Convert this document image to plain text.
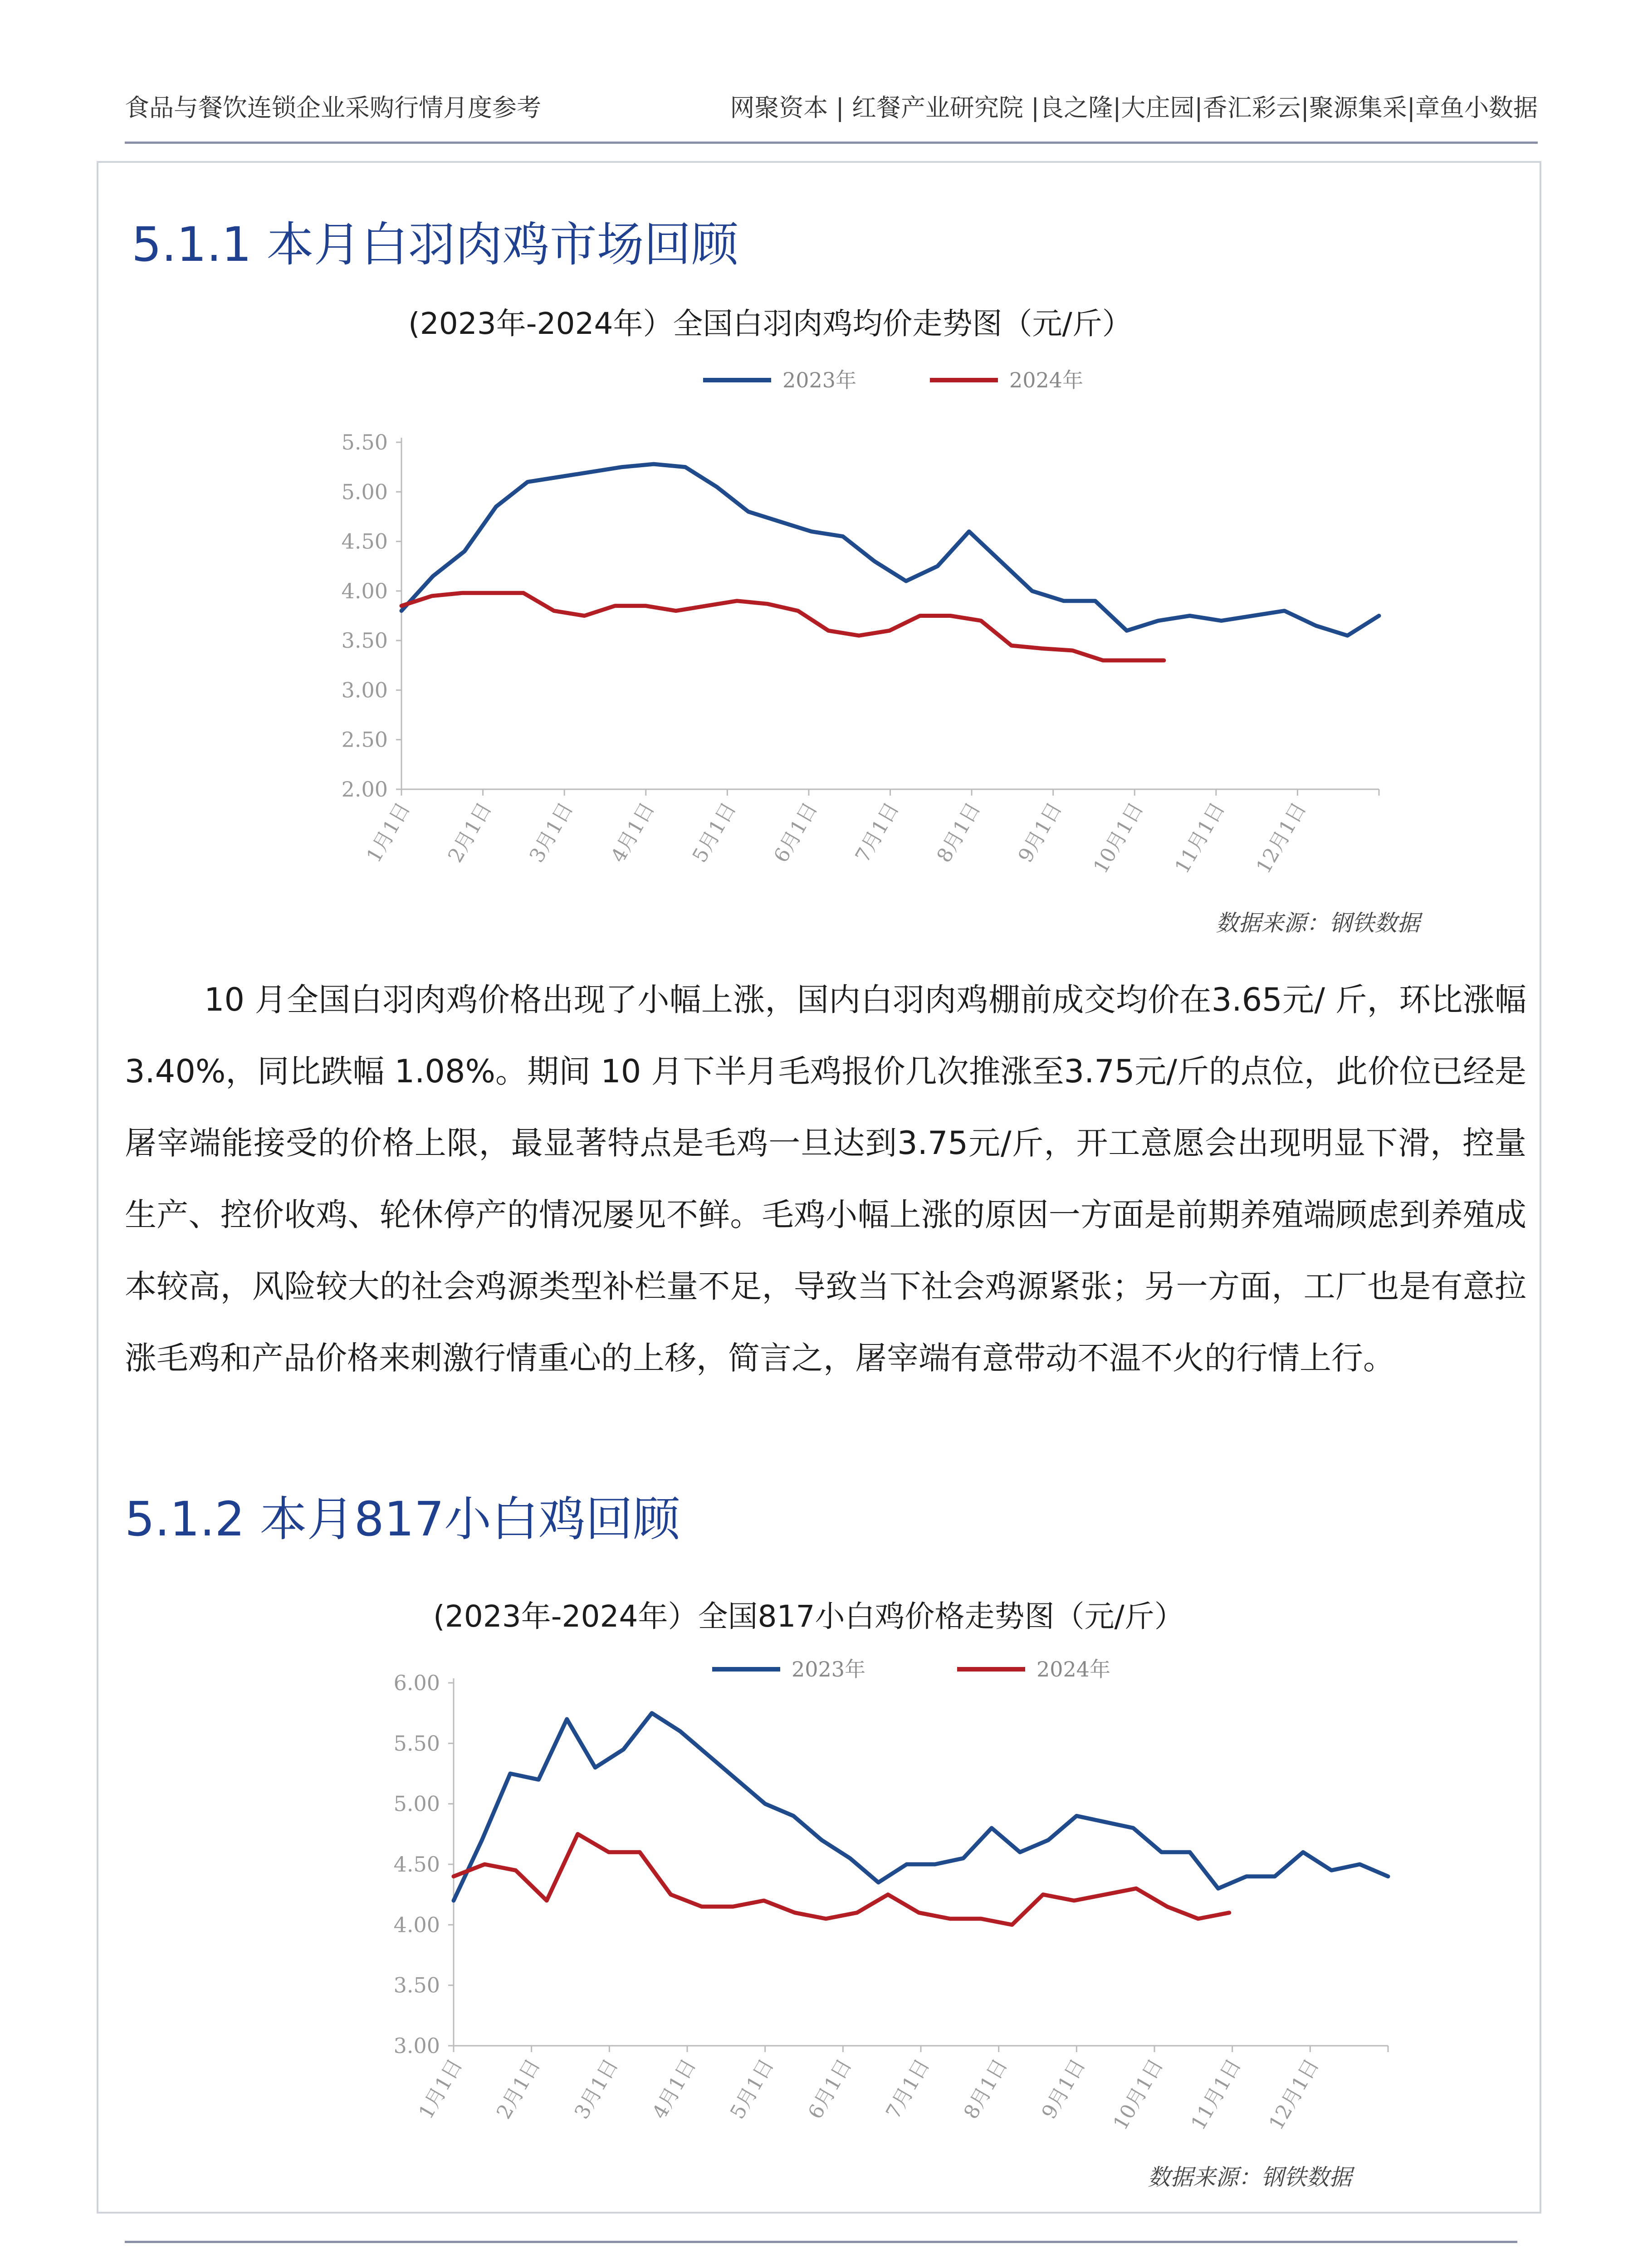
食品与餐饮连锁企业采购行情月度参考	网聚资本 | 红餐产业研究院 |良之隆|大庄园|香汇彩云|聚源集采|章鱼小数据
5.1.1 本月白羽肉鸡市场回顾
(2023年-2024年）全国白羽肉鸡均价走势图（元/斤）
2023年	2024年
2.00
2.50
3.00
3.50
4.00
4.50
5.00
5.50
1月1日 2月1日 3月1日 4月1日 5月1日 6月1日 7月1日 8月1日 9月1日 10月1日 11月1日 12月1日
数据来源：钢铁数据
10 月全国白羽肉鸡价格出现了小幅上涨，国内白羽肉鸡棚前成交均价在3.65元/ 斤，环比涨幅 3.40%，同比跌幅 1.08%。期间 10 月下半月毛鸡报价几次推涨至3.75元/斤的点位，此价位已经是屠宰端能接受的价格上限，最显著特点是毛鸡一旦达到3.75元/斤，开工意愿会出现明显下滑，控量生产、控价收鸡、轮休停产的情况屡见不鲜。毛鸡小幅上涨的原因一方面是前期养殖端顾虑到养殖成本较高，风险较大的社会鸡源类型补栏量不足，导致当下社会鸡源紧张；另一方面，工厂也是有意拉涨毛鸡和产品价格来刺激行情重心的上移，简言之，屠宰端有意带动不温不火的行情上行。
5.1.2 本月817小白鸡回顾
(2023年-2024年）全国817小白鸡价格走势图（元/斤）
2023年	2024年
3.00
3.50
4.00
4.50
5.00
5.50
6.00
1月1日 2月1日 3月1日 4月1日 5月1日 6月1日 7月1日 8月1日 9月1日 10月1日 11月1日 12月1日
数据来源：钢铁数据
